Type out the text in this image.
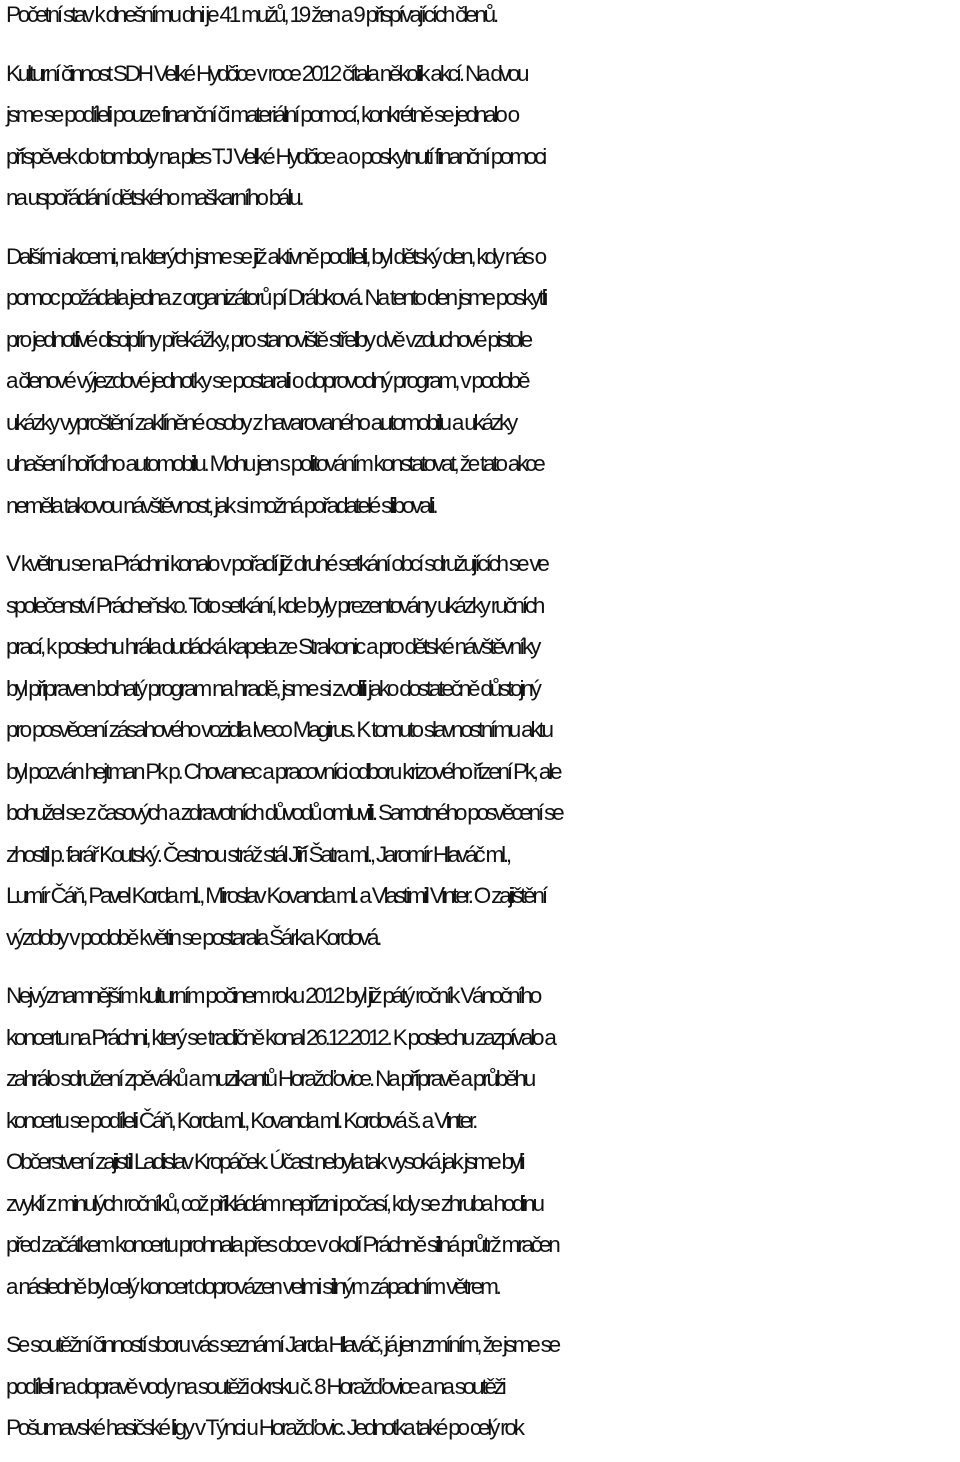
Početní stav k dnešnímu dni je 41 mužů, 19 žen a 9 přispívajících členů.

Kulturní činnost SDH Velké Hydčice v roce 2012 čítala několik akcí. Na dvou
jsme se podíleli pouze finanční či materiální pomocí, konkrétně se jednalo o
příspěvek do tomboly na ples TJ Velké Hydčice a o poskytnutí finanční pomoci
na uspořádání dětského maškarního bálu.

Dalšími akcemi, na kterých jsme se již aktivně podíleli, byl dětský den, kdy nás o
pomoc požádala jedna z organizátorů pí Drábková. Na tento den jsme poskytli
pro jednotlivé disciplíny překážky, pro stanoviště střelby dvě vzduchové pistole
a členové výjezdové jednotky se postarali o doprovodný program, v podobě
ukázky vyproštění zaklíněné osoby z havarovaného automobilu a ukázky
uhašení hořícího automobilu. Mohu jen s politováním konstatovat, že tato akce
neměla takovou návštěvnost, jak si možná pořadatelé slibovali.

V květnu se na Práchni konalo v pořadí již druhé setkání obcí sdružujících se ve
společenství Prácheňsko. Toto setkání, kde byly prezentovány ukázky ručních
prací, k poslechu hrála dudácká kapela ze Strakonic a pro dětské návštěvníky
byl připraven bohatý program na hradě, jsme si zvolili jako dostatečně důstojný
pro posvěcení zásahového vozidla Iveco Magirus. K tomuto slavnostnímu aktu
byl pozván hejtman Pk p. Chovanec a pracovníci odboru krizového řízení Pk, ale
bohužel se z časových a zdravotních důvodů omluvili. Samotného posvěcení se
zhostil p. farář Koutský. Čestnou stráž stál Jiří Šatra ml., Jaromír Hlaváč ml.,
Lumír Čáň, Pavel Korda ml., Miroslav Kovanda ml. a Vlastimil Vinter. O zajištění
výzdoby v podobě květin se postarala Šárka Kordová.

Nejvýznamnějším kulturním počinem roku 2012 byl již pátý ročník Vánočního
koncertu na Práchni, který se tradičně konal 26.12.2012. K poslechu zazpívalo a
zahrálo sdružení zpěváků a muzikantů Horažďovice. Na přípravě a průběhu
koncertu se podíleli Čáň, Korda ml., Kovanda ml. Kordová š. a Vinter.
Občerstvení zajistil Ladislav Kropáček. Účast nebyla tak vysoká jak jsme byli
zvyklí z minulých ročníků, což přikládám nepřízni počasí, kdy se zhruba hodinu
před začátkem koncertu prohnala přes obce v okolí Práchně silná průtrž mračen
a následně byl celý koncert doprovázen velmi silným západním větrem.

Se soutěžní činností sboru vás seznámí Jarda Hlaváč, já jen zmíním, že jsme se
podíleli na dopravě vody na soutěži okrsku č. 8 Horažďovice a na soutěži
Pošumavské hasičské ligy v Týnci u Horažďovic. Jednotka také po celý rok
